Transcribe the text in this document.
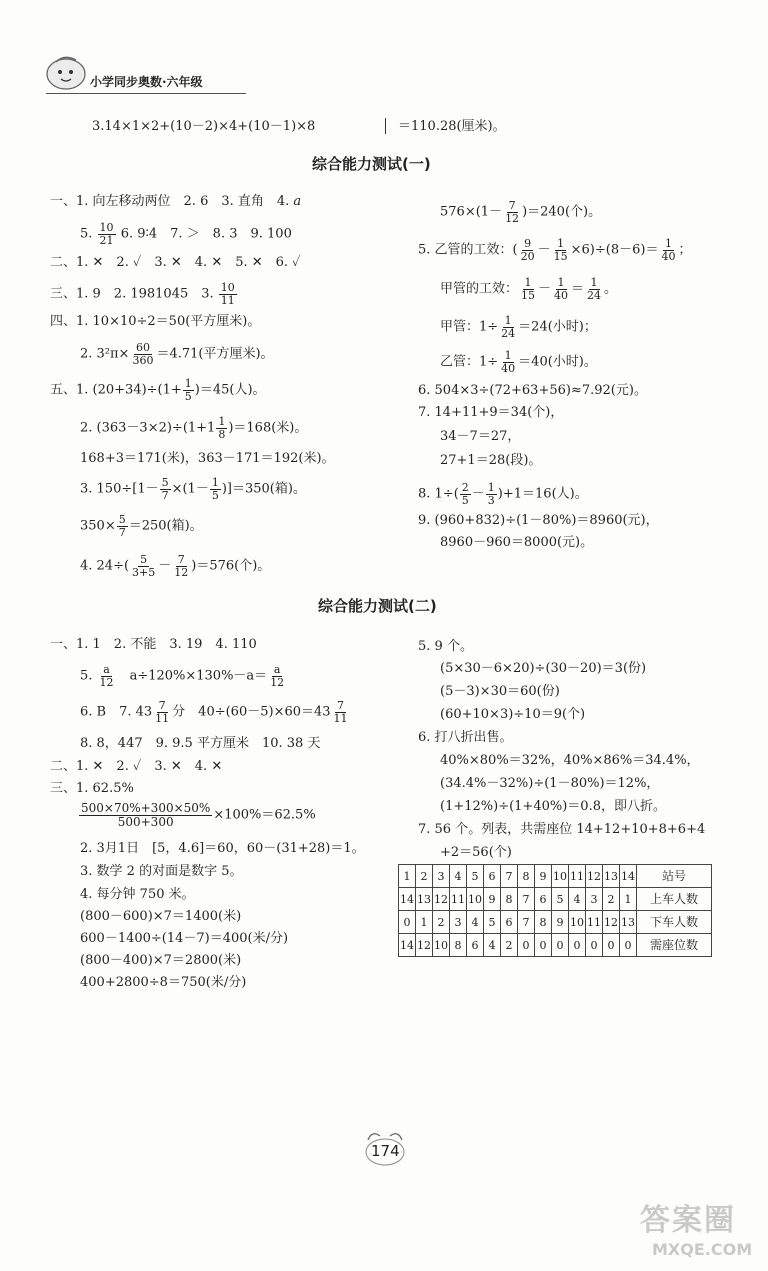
小学同步奥数·六年级
3.14×1×2+(10－2)×4+(10－1)×8	＝110.28(厘米)。
综合能力测试(一)
一、1. 向左移动两位　2. 6　3. 直角　4. a
5. $\frac{10}{21} 6$. 9∶4　7. ＞　8. 3　9. 100
二、1. ✕　2. ✓　3. ✕　4. ✕　5. ✕　6. ✓
三、1. 9　2. 1981045　3. $\frac{10}{11}$
四、1. 10×10÷2＝50(平方厘米)。
2. $3^2\pi\times \frac{60}{360} =4.71$(平方厘米)。
五、1. $(20+34)\div(1+ \frac{1}{5} )=45$(人)。
2. $(363-3\times 2)\div(1+1 \frac{1}{8} )=168$(米)。
168+3＝171(米)，363－171＝192(米)。
3. $150\div[1- \frac{5}{7} \times(1- \frac{1}{5} )]=350$(箱)。
$350\times \frac{5}{7} =250$(箱)。
4. $24\div( \frac{5}{3+5} - \frac{7}{12} )=576$(个)。
$576\times(1- \frac{7}{12} )=240$(个)。
5. 乙管的工效：( $\frac{9}{20} - \frac{1}{15} \times 6)\div(8-6)= \frac{1}{40}$ ；
甲管的工效： $\frac{1}{15} - \frac{1}{40} = \frac{1}{24}$ 。
甲管：$1\div \frac{1}{24} =24$(小时)；
乙管：$1\div \frac{1}{40} =40$(小时)。
6. 504×3÷(72+63+56)≈7.92(元)。
7. 14+11+9＝34(个)，
34－7＝27，
27+1＝28(段)。
8. $1\div( \frac{2}{5} - \frac{1}{3} )+1=16$(人)。
9. (960+832)÷(1－80%)＝8960(元)，
8960－960＝8000(元)。
综合能力测试(二)
一、1. 1　2. 不能　3. 19　4. 110
5. $\frac{a}{12}$
　 $a\div 120\%\times 130\%-a= \frac{a}{12}$
6. B　7. $43 \frac{7}{11}$ 分　$40\div(60-5)\times 60=43 \frac{7}{11}$
8. 8，447　9. 9.5 平方厘米　10. 38 天
二、1. ✕　2. ✓　3. ✕　4. ✕
三、1. 62.5%
$\frac{500\times 70\%+300\times 50\%}{500+300} \times 100\%=62.5\%$
2. 3月1日　[5，4.6]＝60，60－(31+28)＝1。
3. 数学 2 的对面是数字 5。
4. 每分钟 750 米。
(800－600)×7＝1400(米)
600－1400÷(14－7)＝400(米/分)
(800－400)×7＝2800(米)
400+2800÷8＝750(米/分)
5. 9 个。
(5×30－6×20)÷(30－20)＝3(份)
(5－3)×30＝60(份)
(60+10×3)÷10＝9(个)
6. 打八折出售。
40%×80%＝32%，40%×86%＝34.4%，
(34.4%－32%)÷(1－80%)＝12%，
(1+12%)÷(1+40%)＝0.8，即八折。
7. 56 个。列表，共需座位 14+12+10+8+6+4
+2＝56(个)
1	2	3	4	5	6	7	8	9	10	11	12	13	14	站号
14	13	12	11	10	9	8	7	6	5	4	3	2	1	上车人数
0	1	2	3	4	5	6	7	8	9	10	11	12	13	下车人数
14	12	10	8	6	4	2	0	0	0	0	0	0	0	需座位数
174
答案圈
MXQE.COM
